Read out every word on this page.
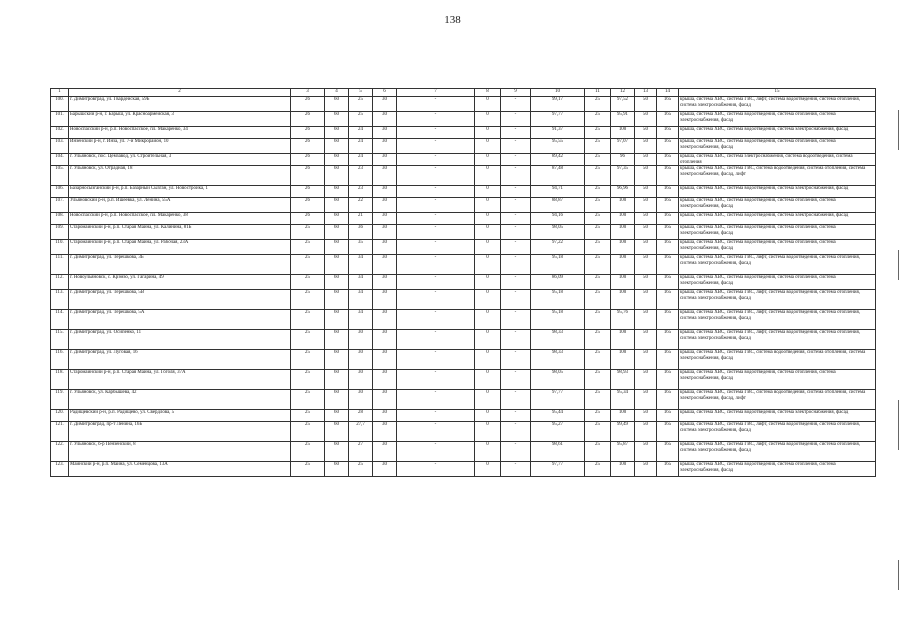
138
1	2	3	4	5	6	7	8	9	10	11	12	13	14	15
100.	г. Димитровград, ул. Гвардейская, 59Б	26	60	25	30	-	0	-	99,17	25	97,52	50	165	крыша, система ХВС, система ГВС, лифт, система водоотведения, система отопления, система электроснабжения, фасад
101.	Барышский р-н, г. Барыш, ул. Красноармейская, 3	26	60	25	30	-	0	-	97,77	25	95,91	50	165	крыша, система ХВС, система водоотведения, система отопления, система электроснабжения, фасад
102.	Новоспасский р-н, р.п. Новоспасское, пл. Макаренко, 34	26	60	24	30	-	0	-	91,37	25	100	50	165	крыша, система ХВС, система водоотведения, система электроснабжения, фасад
103.	Инзенский р-н, г. Инза, ул. 7-й Микрорайон, 10	26	60	24	30	-	0	-	95,55	25	97,07	50	165	крыша, система ХВС, система водоотведения, система отопления, система электроснабжения, фасад
104.	г. Ульяновск, пос. Цемзавод, ул. Строительная, 3	26	60	24	30	-	0	-	89,42	25	96	50	165	крыша, система ХВС, система электроснабжения, система водоотведения, система отопления
105.	г. Ульяновск, ул. Отрадная, 18	26	60	23	30	-	0	-	87,48	25	97,35	50	165	крыша, система ХВС, система ГВС, система водоотведения, система отопления, система электроснабжения, фасад, лифт
106.	Базарносызганский р-н, р.п. Базарный Сызган, ул. Новостройка, 1	26	60	23	30	-	0	-	94,71	25	96,96	50	165	крыша, система ХВС, система водоотведения, система электроснабжения, фасад
107.	Ульяновский р-н, р.п. Ишеевка, ул. Ленина, 55А	26	60	22	30	-	0	-	88,87	25	100	50	165	крыша, система ХВС, система водоотведения, система отопления, система электроснабжения, фасад
108.	Новоспасский р-н, р.п. Новоспасское, пл. Макаренко, 38	26	60	21	30	-	0	-	94,16	25	100	50	165	крыша, система ХВС, система водоотведения, система электроснабжения, фасад
109.	Старомайнский р-н, р.п. Старая Майна, ул. Калинина, 81Б	25	60	36	30	-	0	-	98,05	25	100	50	165	крыша, система ХВС, система водоотведения, система отопления, система электроснабжения, фасад
110.	Старомайнский р-н, р.п. Старая Майна, ул. Рабочая, 23А	25	60	35	30	-	0	-	97,22	25	100	50	165	крыша, система ХВС, система водоотведения, система отопления, система электроснабжения, фасад
111.	г. Димитровград, ул. Терешкова, 3Б	25	60	34	30	-	0	-	95,18	25	100	50	165	крыша, система ХВС, система ГВС, лифт, система водоотведения, система отопления, система электроснабжения, фасад
112.	г. Новоульяновск, с. Крэмзо, ул. Гагарина, 49	25	60	34	30	-	0	-	86,09	25	100	50	165	крыша, система ХВС, система водоотведения, система отопления, система электроснабжения, фасад
113.	г. Димитровград, ул. Терешкова, 5В	25	60	34	30	-	0	-	95,18	25	100	50	165	крыша, система ХВС, система ГВС, лифт, система водоотведения, система отопления, система электроснабжения, фасад
114.	г. Димитровград, ул. Терешкова, 5А	25	60	34	30	-	0	-	95,18	25	95,76	50	165	крыша, система ХВС, система ГВС, лифт, система водоотведения, система отопления, система электроснабжения, фасад
115.	г. Димитровград, ул. Осипенко, 11	25	60	30	30	-	0	-	98,33	25	100	50	165	крыша, система ХВС, система ГВС, лифт, система водоотведения, система отопления, система электроснабжения, фасад
116.	г. Димитровград, ул. Луговая, 16	25	60	30	30	-	0	-	98,33	25	100	50	165	крыша, система ХВС, система ГВС, система водоотведения, система отопления, система электроснабжения, фасад
118.	Старомайнский р-н, р.п. Старая Майна, ул. Гоголя, 37А	25	60	30	30	-	0	-	98,05	25	98,93	50	165	крыша, система ХВС, система водоотведения, система отопления, система электроснабжения, фасад
119.	г. Ульяновск, ул. Карбышева, 42	25	60	30	30	-	0	-	97,77	25	95,34	50	165	крыша, система ХВС, система ГВС, система водоотведения, система отопления, система электроснабжения, фасад, лифт
120.	Радищевский р-н, р.п. Радищево, ул. Свердлова, 5	25	60	28	30	-	0	-	95,44	25	100	50	165	крыша, система ХВС, система водоотведения, система электроснабжения, фасад
121.	г. Димитровград, пр-т Ленина, 16Б	25	60	27,7	30	-	0	-	95,27	25	99,49	50	165	крыша, система ХВС, система ГВС, лифт, система водоотведения, система отопления, система электроснабжения, фасад
122.	г. Ульяновск, б-р Пензенский, 8	25	60	27	30	-	0	-	98,61	25	95,87	50	165	крыша, система ХВС, система ГВС, лифт, система водоотведения, система отопления, система электроснабжения, фасад
123.	Майнский р-н, р.п. Майна, ул. Семенцова, 13А	25	60	25	30	-	0	-	97,77	25	100	50	165	крыша, система ХВС, система водоотведения, система отопления, система электроснабжения, фасад
